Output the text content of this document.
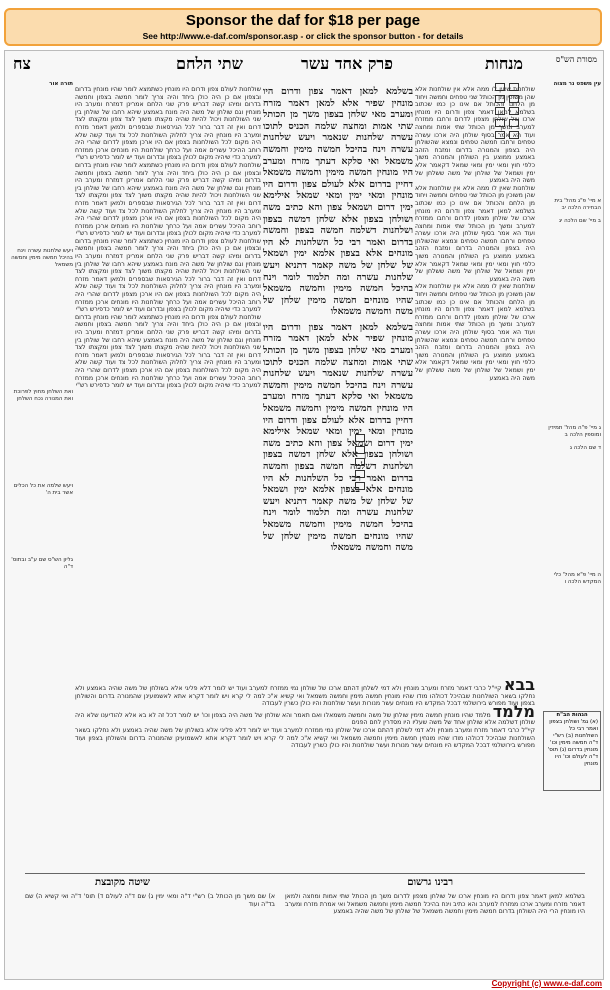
Sponsor the daf for $18 per page
See http://www.e-daf.com/sponsor.asp - or click the sponsor button - for details
שתי הלחם	פרק אחד עשר	מנחות
צח	מסורת הש"ס
תורה אור
ויעש שלחנות עשרה וינח בהיכל חמשה מימין וחמשה משמאל
ואת השלחן מחוץ לפרוכת ואת המנורה נכח השלחן
ויעש שלמה את כל הכלים אשר בית ה'
גליון הש"ס שם ע"ב ובתוס' ד"ה
שולחנות לעולם צפון ודרום היו מונחין כשתמצא לומר שהיו מונחין בדרום ובצפון אם כן היה כולן ביחד והיה צריך לומר חמשה בצפון וחמשה בדרום ומיהו קשה דבריש פרק שני הלחם אמרינן דמזרח ומערב היו מונחין וגם שולחן של משה היה מונח באמצע שיהא רחבו של שולחן בין שני השולחנות ויכול להיות שהיה מקצתו משוך לצד צפון ומקצתו לצד דרום ואין זה דבר ברור לכל הגירסאות שבספרים ולמאן דאמר מזרח ומערב היו מונחין היה צריך לחלוק השולחנות לכל צד ועוד קשה שלא היה מקום לכל השולחנות בצפון אם היו ארכן מצפון לדרום שהרי היה רוחב ההיכל עשרים אמה ועל כרחך שולחנות היו מונחים ארכן ממזרח למערב כדי שיהיה מקום לכולן בצפון ובדרום ועוד יש לומר כדפירש רש"י
שולחנות לעולם צפון ודרום היו מונחין כשתמצא לומר שהיו מונחין בדרום ובצפון אם כן היה כולן ביחד והיה צריך לומר חמשה בצפון וחמשה בדרום ומיהו קשה דבריש פרק שני הלחם אמרינן דמזרח ומערב היו מונחין וגם שולחן של משה היה מונח באמצע שיהא רחבו של שולחן בין שני השולחנות ויכול להיות שהיה מקצתו משוך לצד צפון ומקצתו לצד דרום ואין זה דבר ברור לכל הגירסאות שבספרים ולמאן דאמר מזרח ומערב היו מונחין היה צריך לחלוק השולחנות לכל צד ועוד קשה שלא היה מקום לכל השולחנות בצפון אם היו ארכן מצפון לדרום שהרי היה רוחב ההיכל עשרים אמה ועל כרחך שולחנות היו מונחים ארכן ממזרח למערב כדי שיהיה מקום לכולן בצפון ובדרום ועוד יש לומר כדפירש רש"י
שולחנות לעולם צפון ודרום היו מונחין כשתמצא לומר שהיו מונחין בדרום ובצפון אם כן היה כולן ביחד והיה צריך לומר חמשה בצפון וחמשה בדרום ומיהו קשה דבריש פרק שני הלחם אמרינן דמזרח ומערב היו מונחין וגם שולחן של משה היה מונח באמצע שיהא רחבו של שולחן בין שני השולחנות ויכול להיות שהיה מקצתו משוך לצד צפון ומקצתו לצד דרום ואין זה דבר ברור לכל הגירסאות שבספרים ולמאן דאמר מזרח ומערב היו מונחין היה צריך לחלוק השולחנות לכל צד ועוד קשה שלא היה מקום לכל השולחנות בצפון אם היו ארכן מצפון לדרום שהרי היה רוחב ההיכל עשרים אמה ועל כרחך שולחנות היו מונחים ארכן ממזרח למערב כדי שיהיה מקום לכולן בצפון ובדרום ועוד יש לומר כדפירש רש"י
שולחנות לעולם צפון ודרום היו מונחין כשתמצא לומר שהיו מונחין בדרום ובצפון אם כן היה כולן ביחד והיה צריך לומר חמשה בצפון וחמשה בדרום ומיהו קשה דבריש פרק שני הלחם אמרינן דמזרח ומערב היו מונחין וגם שולחן של משה היה מונח באמצע שיהא רחבו של שולחן בין שני השולחנות ויכול להיות שהיה מקצתו משוך לצד צפון ומקצתו לצד דרום ואין זה דבר ברור לכל הגירסאות שבספרים ולמאן דאמר מזרח ומערב היו מונחין היה צריך לחלוק השולחנות לכל צד ועוד קשה שלא היה מקום לכל השולחנות בצפון אם היו ארכן מצפון לדרום שהרי היה רוחב ההיכל עשרים אמה ועל כרחך שולחנות היו מונחים ארכן ממזרח למערב כדי שיהיה מקום לכולן בצפון ובדרום ועוד יש לומר כדפירש רש"י
בשלמא למאן דאמר צפון ודרום היו מונחין שפיר אלא למאן דאמר מזרח ומערב מאי שלחן בצפון משך מן הכותל שתי אמות ומחצה שלמה הכניס לתוכו עשרה שלחנות שנאמר ויעש שלחנות עשרה וינח בהיכל חמשה מימין וחמשה משמאל ואי סלקא דעתך מזרח ומערב היו מונחין חמשה מימין וחמשה משמאל דחיין בדרום אלא לעולם צפון ודרום היו מונחין ומאי ימין ומאי שמאל אילימא ימין דרום ושמאל צפון והא כתיב משה ושולחן בצפון אלא שלחן דמשה בצפון ושלחנות דשלמה חמשה בצפון וחמשה בדרום ואמר רבי כל השלחנות לא היו מונחים אלא בצפון אלמא ימין ושמאל של שלחן של משה קאמר דתניא ויעש שלחנות עשרה ומה תלמוד לומר וינח בהיכל חמשה מימין וחמשה משמאל שהיו מונחים חמשה מימין שלחן של משה וחמשה משמאלו
בשלמא למאן דאמר צפון ודרום היו מונחין שפיר אלא למאן דאמר מזרח ומערב מאי שלחן בצפון משך מן הכותל שתי אמות ומחצה שלמה הכניס לתוכו עשרה שלחנות שנאמר ויעש שלחנות עשרה וינח בהיכל חמשה מימין וחמשה משמאל ואי סלקא דעתך מזרח ומערב היו מונחין חמשה מימין וחמשה משמאל דחיין בדרום אלא לעולם צפון ודרום היו מונחין ומאי ימין ומאי שמאל אילימא ימין דרום ושמאל צפון והא כתיב משה ושולחן בצפון אלא שלחן דמשה בצפון ושלחנות דשלמה חמשה בצפון וחמשה בדרום ואמר רבי כל השלחנות לא היו מונחים אלא בצפון אלמא ימין ושמאל של שלחן של משה קאמר דתניא ויעש שלחנות עשרה ומה תלמוד לומר וינח בהיכל חמשה מימין וחמשה משמאל שהיו מונחים חמשה מימין שלחן של משה וחמשה משמאלו
שולחנות שאין לו ממה אלא אין שולחנות אלא שהן משוכין מן הכותל שני טפחים וחמשה ויחוד מן הלחם והכותל אם אינו כן כמו שכתוב בשלמא למאן דאמר צפון ודרום היו מונחין ארכו של שולחן מצפון לדרום ורחבו ממזרח למערב ומשך מן הכותל שתי אמות ומחצה ועוד הא אמר בסוף שולחן היה ארכו עשרה טפחים ורחבו חמשה טפחים ונמצא שהשולחן היה בצפון והמנורה בדרום ומזבח הזהב באמצע ממוצע בין השולחן והמנורה משוך כלפי חוץ ומאי ימין ומאי שמאל דקאמר אלא ימין ושמאל של שולחן של משה ששלחן של משה היה באמצע
שולחנות שאין לו ממה אלא אין שולחנות אלא שהן משוכין מן הכותל שני טפחים וחמשה ויחוד מן הלחם והכותל אם אינו כן כמו שכתוב בשלמא למאן דאמר צפון ודרום היו מונחין ארכו של שולחן מצפון לדרום ורחבו ממזרח למערב ומשך מן הכותל שתי אמות ומחצה ועוד הא אמר בסוף שולחן היה ארכו עשרה טפחים ורחבו חמשה טפחים ונמצא שהשולחן היה בצפון והמנורה בדרום ומזבח הזהב באמצע ממוצע בין השולחן והמנורה משוך כלפי חוץ ומאי ימין ומאי שמאל דקאמר אלא ימין ושמאל של שולחן של משה ששלחן של משה היה באמצע
שולחנות שאין לו ממה אלא אין שולחנות אלא שהן משוכין מן הכותל שני טפחים וחמשה ויחוד מן הלחם והכותל אם אינו כן כמו שכתוב בשלמא למאן דאמר צפון ודרום היו מונחין ארכו של שולחן מצפון לדרום ורחבו ממזרח למערב ומשך מן הכותל שתי אמות ומחצה ועוד הא אמר בסוף שולחן היה ארכו עשרה טפחים ורחבו חמשה טפחים ונמצא שהשולחן היה בצפון והמנורה בדרום ומזבח הזהב באמצע ממוצע בין השולחן והמנורה משוך כלפי חוץ ומאי ימין ומאי שמאל דקאמר אלא ימין ושמאל של שולחן של משה ששלחן של משה היה באמצע
עין משפט נר מצוה
א מיי' פ"ג מהל' בית הבחירה הלכה יב
ב מיי' שם הלכה יג
ג מיי' פ"ה מהל' תמידין ומוספין הלכה ב
ד שם הלכה ג
ה מיי' פ"א מהל' כלי המקדש הלכה ו
הגהות הב"ח
(א) גמ' ושולחן בצפון ואמר רבי כל השולחנות (ב) רש"י ד"ה חמשה מימין וכו' מונחין בדרום (ג) תוס' ד"ה לעולם וכו' היו מונחין
בבא קיי"ל כרבי דאמר מזרח ומערב מונחין ולא דמי לשלחן דהתם ארכו של שולחן נמי ממזרח למערב ועוד יש לומר דלא פליגי אלא בשולחן של משה שהיה באמצע ולא נחלקו בשאר השולחנות שבהיכל דכולהו מודו שהיו מונחין חמשה מימין וחמשה משמאל ואי קשיא א"כ למה לי קרא ויש לומר דקרא אתא לאשמועינן שהמנורה בדרום והשולחן בצפון ועוד מפורש בירושלמי דבכל המקדש היו מונחים עשר מנורות ועשר שולחנות והיו כולן כשרין לעבודה
מלמד מלמד שהיו מונחין חמשה מימין שולחן של משה וחמשה משמאלו ואם תאמר והא שולחן של משה היה בצפון וכו' יש לומר דכל זה לא בא אלא להודיענו שלא היה שולחן דשלמה אלא שולחן אחד של משה שעליו היו מסדרין לחם הפנים
קיי"ל כרבי דאמר מזרח ומערב מונחין ולא דמי לשלחן דהתם ארכו של שולחן נמי ממזרח למערב ועוד יש לומר דלא פליגי אלא בשולחן של משה שהיה באמצע ולא נחלקו בשאר השולחנות שבהיכל דכולהו מודו שהיו מונחין חמשה מימין וחמשה משמאל ואי קשיא א"כ למה לי קרא ויש לומר דקרא אתא לאשמועינן שהמנורה בדרום והשולחן בצפון ועוד מפורש בירושלמי דבכל המקדש היו מונחים עשר מנורות ועשר שולחנות והיו כולן כשרין לעבודה
רבינו גרשום
שיטה מקובצת
בשלמא למאן דאמר צפון ודרום היו מונחין ארכו של שולחן מצפון לדרום משך מן הכותל שתי אמות ומחצה ולמאן דאמר מזרח ומערב ארכו ממזרח למערב והא כתיב וינח בהיכל חמשה מימין וחמשה משמאל ואי אמרת מזרח ומערב היו מונחין הרי היה השולחן בדרום חמשה מימין וחמשה משמאל של שולחן של משה שהיה באמצע
א) שם משך מן הכותל ב) רש"י ד"ה ומאי ימין ג) שם ד"ה לעולם ד) תוס' ד"ה ואי קשיא ה) שם בד"ה ועוד
Copyright (c) www.e-daf.com
